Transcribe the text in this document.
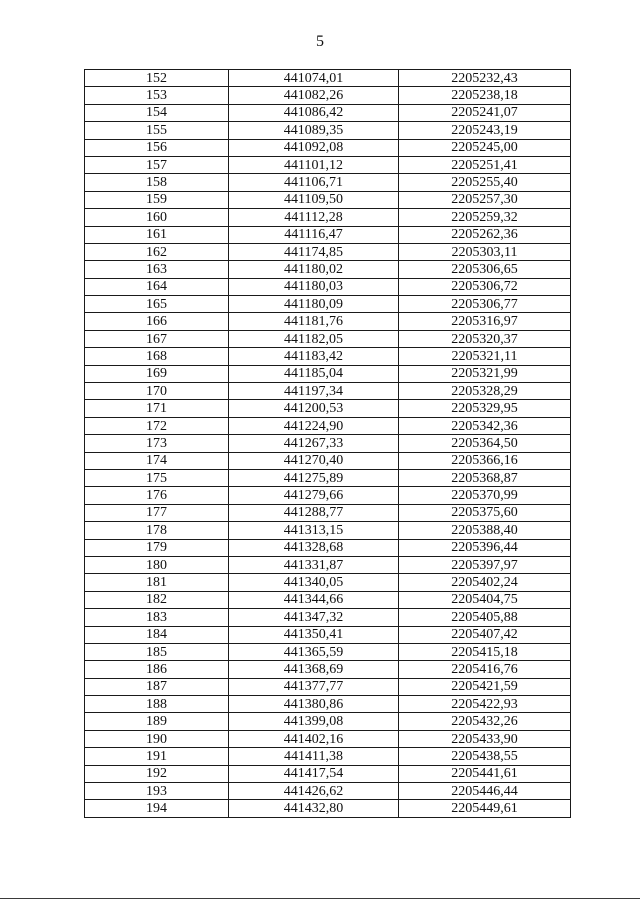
5
152	441074,01	2205232,43
153	441082,26	2205238,18
154	441086,42	2205241,07
155	441089,35	2205243,19
156	441092,08	2205245,00
157	441101,12	2205251,41
158	441106,71	2205255,40
159	441109,50	2205257,30
160	441112,28	2205259,32
161	441116,47	2205262,36
162	441174,85	2205303,11
163	441180,02	2205306,65
164	441180,03	2205306,72
165	441180,09	2205306,77
166	441181,76	2205316,97
167	441182,05	2205320,37
168	441183,42	2205321,11
169	441185,04	2205321,99
170	441197,34	2205328,29
171	441200,53	2205329,95
172	441224,90	2205342,36
173	441267,33	2205364,50
174	441270,40	2205366,16
175	441275,89	2205368,87
176	441279,66	2205370,99
177	441288,77	2205375,60
178	441313,15	2205388,40
179	441328,68	2205396,44
180	441331,87	2205397,97
181	441340,05	2205402,24
182	441344,66	2205404,75
183	441347,32	2205405,88
184	441350,41	2205407,42
185	441365,59	2205415,18
186	441368,69	2205416,76
187	441377,77	2205421,59
188	441380,86	2205422,93
189	441399,08	2205432,26
190	441402,16	2205433,90
191	441411,38	2205438,55
192	441417,54	2205441,61
193	441426,62	2205446,44
194	441432,80	2205449,61
